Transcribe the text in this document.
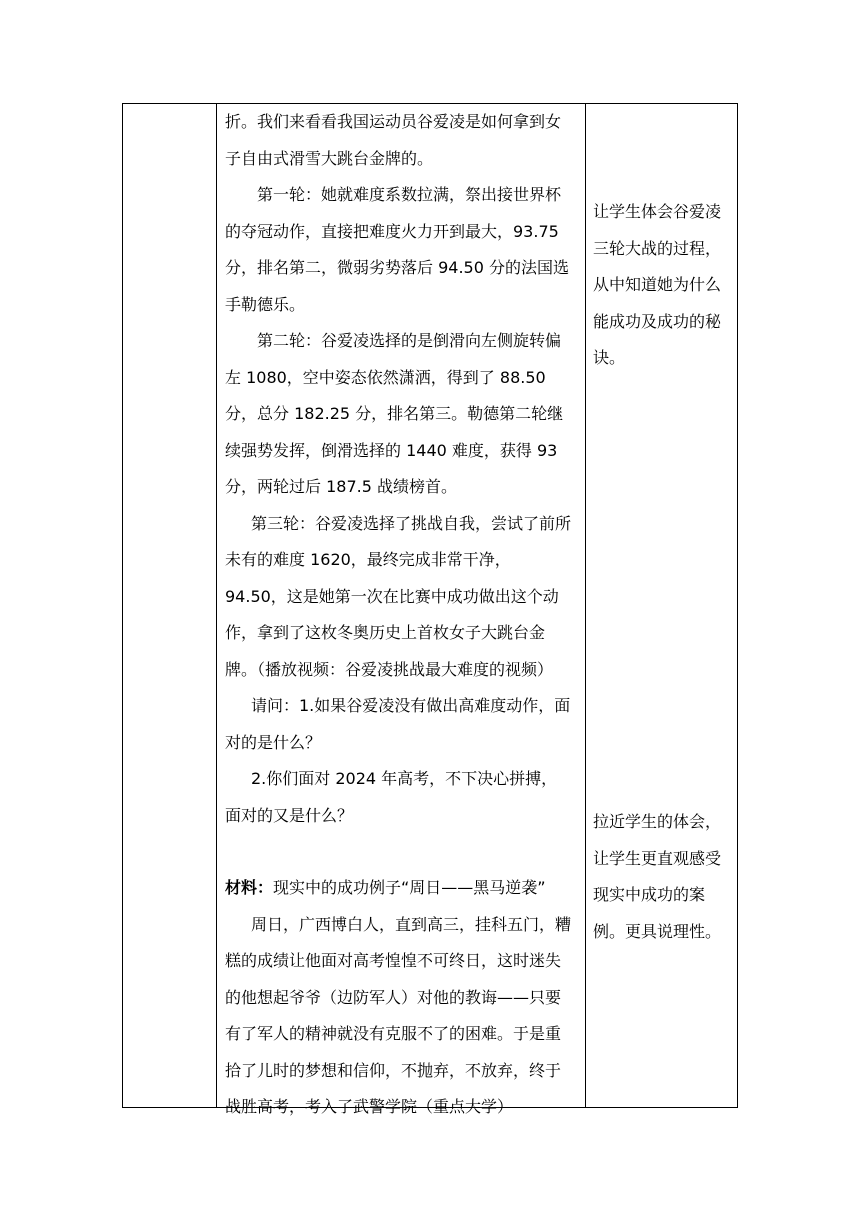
折。我们来看看我国运动员谷爱凌是如何拿到女子自由式滑雪大跳台金牌的。

第一轮：她就难度系数拉满，祭出接世界杯的夺冠动作，直接把难度火力开到最大，93.75分，排名第二，微弱劣势落后 94.50 分的法国选手勒德乐。

第二轮：谷爱凌选择的是倒滑向左侧旋转偏左 1080，空中姿态依然潇洒，得到了 88.50 分，总分 182.25 分，排名第三。勒德第二轮继续强势发挥，倒滑选择的 1440 难度，获得 93 分，两轮过后 187.5 战绩榜首。

第三轮：谷爱凌选择了挑战自我，尝试了前所未有的难度 1620，最终完成非常干净，94.50，这是她第一次在比赛中成功做出这个动作，拿到了这枚冬奥历史上首枚女子大跳台金牌。（播放视频：谷爱凌挑战最大难度的视频）

请问：1.如果谷爱凌没有做出高难度动作，面对的是什么？

2.你们面对 2024 年高考，不下决心拼搏，面对的又是什么？

材料：现实中的成功例子“周日——黑马逆袭”

周日，广西博白人，直到高三，挂科五门，糟糕的成绩让他面对高考惶惶不可终日，这时迷失的他想起爷爷（边防军人）对他的教诲——只要有了军人的精神就没有克服不了的困难。于是重拾了儿时的梦想和信仰，不抛弃，不放弃，终于战胜高考，考入了武警学院（重点大学）

让学生体会谷爱凌三轮大战的过程，从中知道她为什么能成功及成功的秘诀。

拉近学生的体会，让学生更直观感受现实中成功的案例。更具说理性。
